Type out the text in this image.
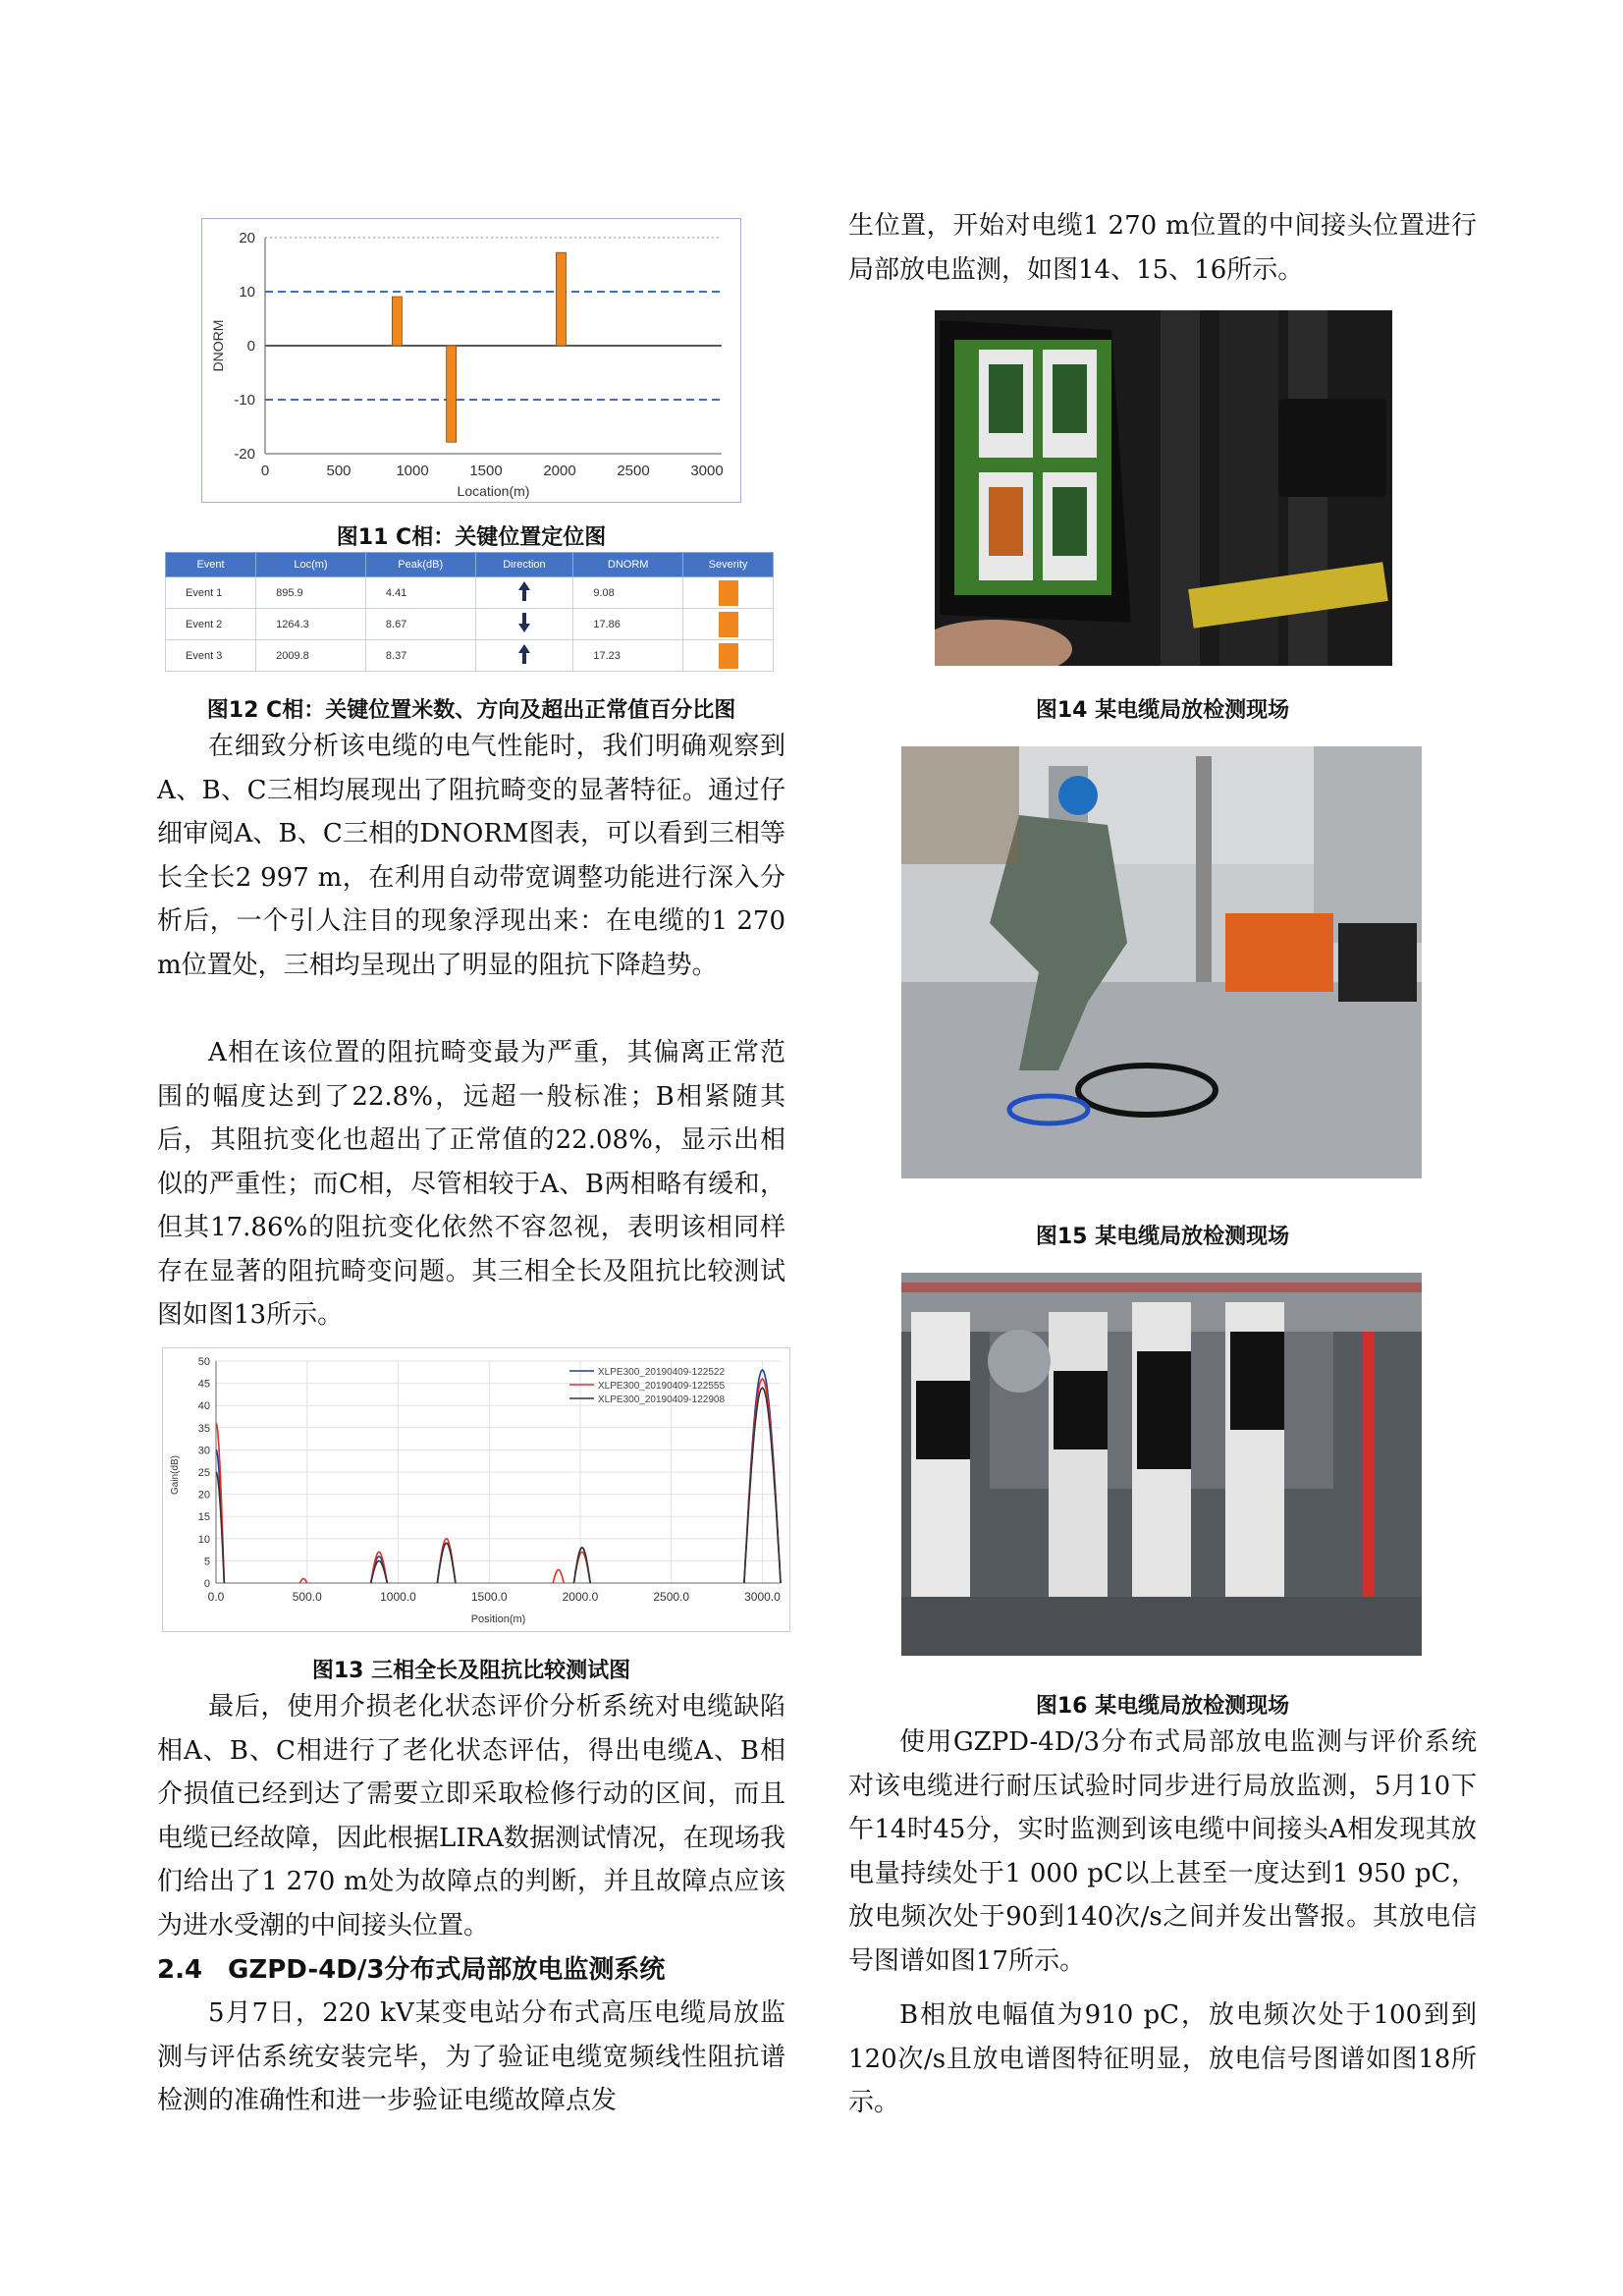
-20
-10
0
10
20
0	500	1000	1500	2000	2500	3000
Location(m)
DNORM
图11 C相：关键位置定位图
Event	Loc(m)	Peak(dB)	Direction	DNORM	Severity
Event 1	895.9	4.41		9.08	
Event 2	1264.3	8.67		17.86	
Event 3	2009.8	8.37		17.23	
图12 C相：关键位置米数、方向及超出正常值百分比图

在细致分析该电缆的电气性能时，我们明确观察到A、B、C三相均展现出了阻抗畸变的显著特征。通过仔细审阅A、B、C三相的DNORM图表，可以看到三相等长全长2 997 m，在利用自动带宽调整功能进行深入分析后，一个引人注目的现象浮现出来：在电缆的1 270 m位置处，三相均呈现出了明显的阻抗下降趋势。

A相在该位置的阻抗畸变最为严重，其偏离正常范围的幅度达到了22.8%，远超一般标准；B相紧随其后，其阻抗变化也超出了正常值的22.08%，显示出相似的严重性；而C相，尽管相较于A、B两相略有缓和，但其17.86%的阻抗变化依然不容忽视，表明该相同样存在显著的阻抗畸变问题。其三相全长及阻抗比较测试图如图13所示。

XLPE300_20190409-122522
XLPE300_20190409-122555
XLPE300_20190409-122908
0
5
10
15
20
25
30
35
40
45
50
0.0	500.0	1000.0	1500.0	2000.0	2500.0	3000.0
Position(m)
Gain(dB)
图13 三相全长及阻抗比较测试图

最后，使用介损老化状态评价分析系统对电缆缺陷相A、B、C相进行了老化状态评估，得出电缆A、B相介损值已经到达了需要立即采取检修行动的区间，而且电缆已经故障，因此根据LIRA数据测试情况，在现场我们给出了1 270 m处为故障点的判断，并且故障点应该为进水受潮的中间接头位置。

2.4　GZPD-4D/3分布式局部放电监测系统

5月7日，220 kV某变电站分布式高压电缆局放监测与评估系统安装完毕，为了验证电缆宽频线性阻抗谱检测的准确性和进一步验证电缆故障点发

生位置，开始对电缆1 270 m位置的中间接头位置进行局部放电监测，如图14、15、16所示。

图14 某电缆局放检测现场
图15 某电缆局放检测现场
图16 某电缆局放检测现场

使用GZPD-4D/3分布式局部放电监测与评价系统对该电缆进行耐压试验时同步进行局放监测，5月10下午14时45分，实时监测到该电缆中间接头A相发现其放电量持续处于1 000 pC以上甚至一度达到1 950 pC，放电频次处于90到140次/s之间并发出警报。其放电信号图谱如图17所示。

B相放电幅值为910 pC，放电频次处于100到到120次/s且放电谱图特征明显，放电信号图谱如图18所示。
